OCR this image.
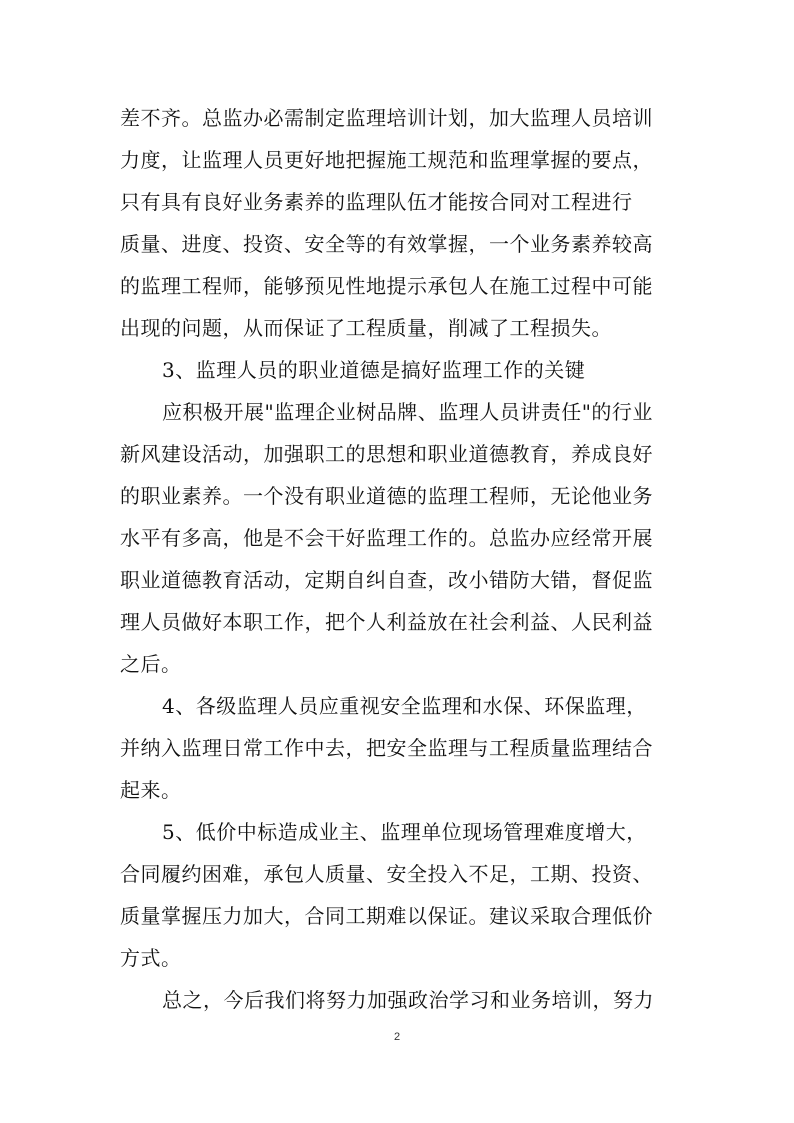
差不齐。总监办必需制定监理培训计划，加大监理人员培训
力度，让监理人员更好地把握施工规范和监理掌握的要点，
只有具有良好业务素养的监理队伍才能按合同对工程进行
质量、进度、投资、安全等的有效掌握，一个业务素养较高
的监理工程师，能够预见性地提示承包人在施工过程中可能
出现的问题，从而保证了工程质量，削减了工程损失。
3、监理人员的职业道德是搞好监理工作的关键
应积极开展"监理企业树品牌、监理人员讲责任"的行业
新风建设活动，加强职工的思想和职业道德教育，养成良好
的职业素养。一个没有职业道德的监理工程师，无论他业务
水平有多高，他是不会干好监理工作的。总监办应经常开展
职业道德教育活动，定期自纠自查，改小错防大错，督促监
理人员做好本职工作，把个人利益放在社会利益、人民利益
之后。
4、各级监理人员应重视安全监理和水保、环保监理，
并纳入监理日常工作中去，把安全监理与工程质量监理结合
起来。
5、低价中标造成业主、监理单位现场管理难度增大，
合同履约困难，承包人质量、安全投入不足，工期、投资、
质量掌握压力加大，合同工期难以保证。建议采取合理低价
方式。
总之，今后我们将努力加强政治学习和业务培训，努力
2
